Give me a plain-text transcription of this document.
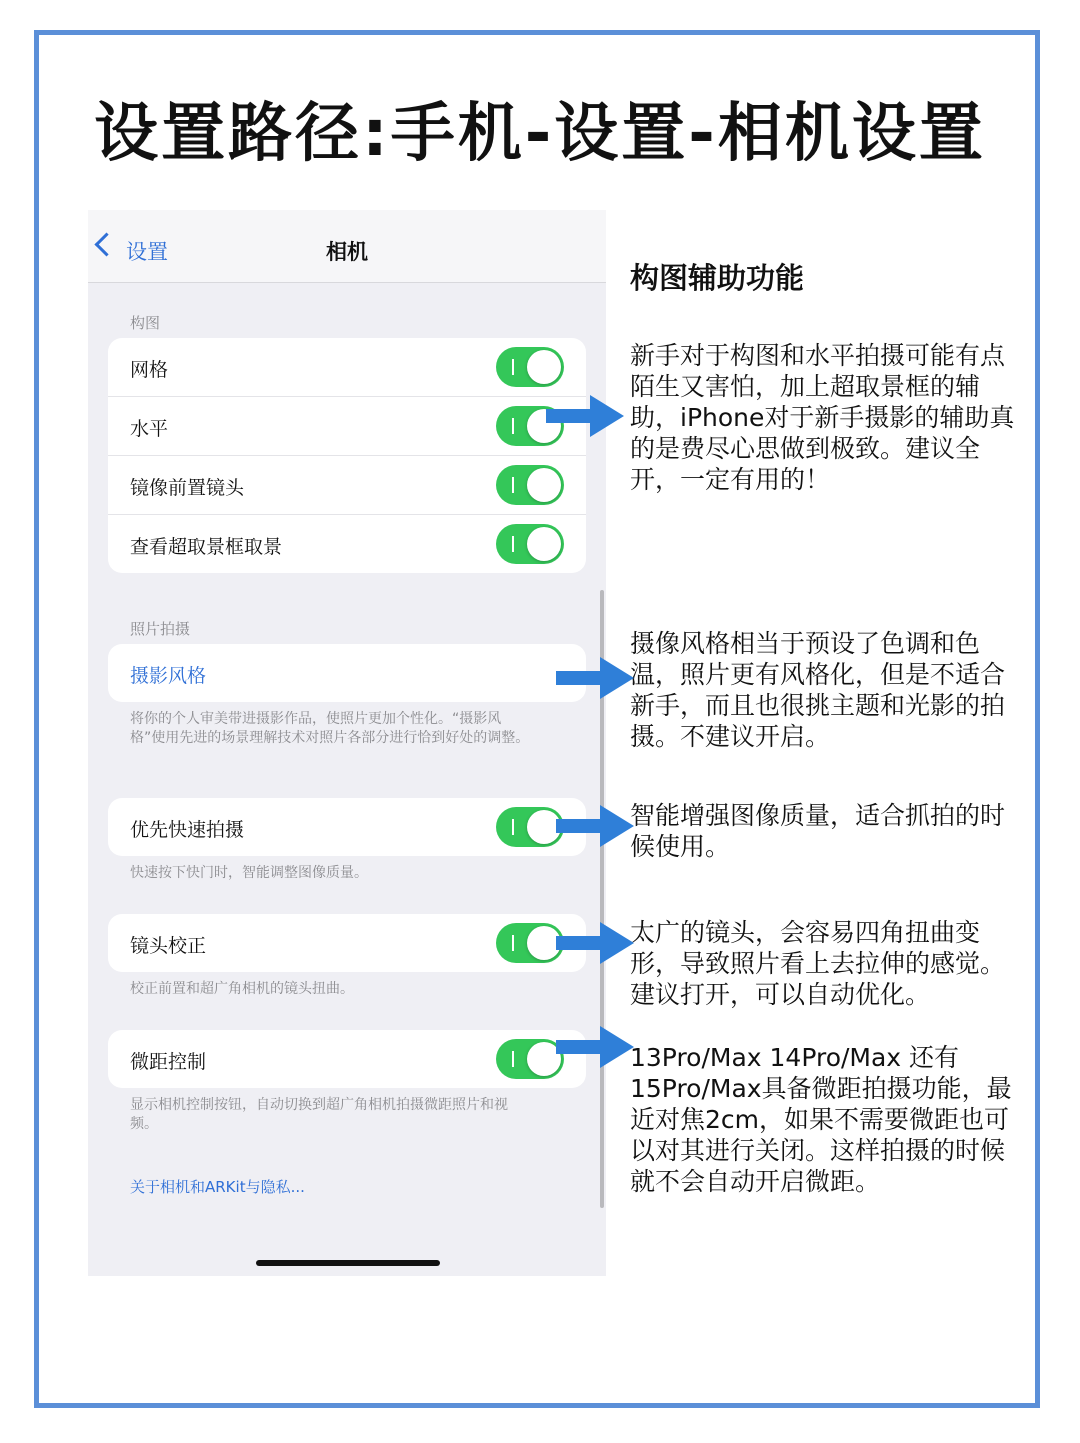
设置路径:手机-设置-相机设置
设置	相机
构图
网格
水平
镜像前置镜头
查看超取景框取景
照片拍摄
摄影风格
将你的个人审美带进摄影作品，使照片更加个性化。“摄影风格”使用先进的场景理解技术对照片各部分进行恰到好处的调整。
优先快速拍摄
快速按下快门时，智能调整图像质量。
镜头校正
校正前置和超广角相机的镜头扭曲。
微距控制
显示相机控制按钮，自动切换到超广角相机拍摄微距照片和视频。
关于相机和ARKit与隐私...
构图辅助功能
新手对于构图和水平拍摄可能有点陌生又害怕，加上超取景框的辅助，iPhone对于新手摄影的辅助真的是费尽心思做到极致。建议全开，一定有用的！
摄像风格相当于预设了色调和色温，照片更有风格化，但是不适合新手，而且也很挑主题和光影的拍摄。不建议开启。
智能增强图像质量，适合抓拍的时候使用。
太广的镜头，会容易四角扭曲变形，导致照片看上去拉伸的感觉。建议打开，可以自动优化。
13Pro/Max 14Pro/Max 还有15Pro/Max具备微距拍摄功能，最近对焦2cm，如果不需要微距也可以对其进行关闭。这样拍摄的时候就不会自动开启微距。
